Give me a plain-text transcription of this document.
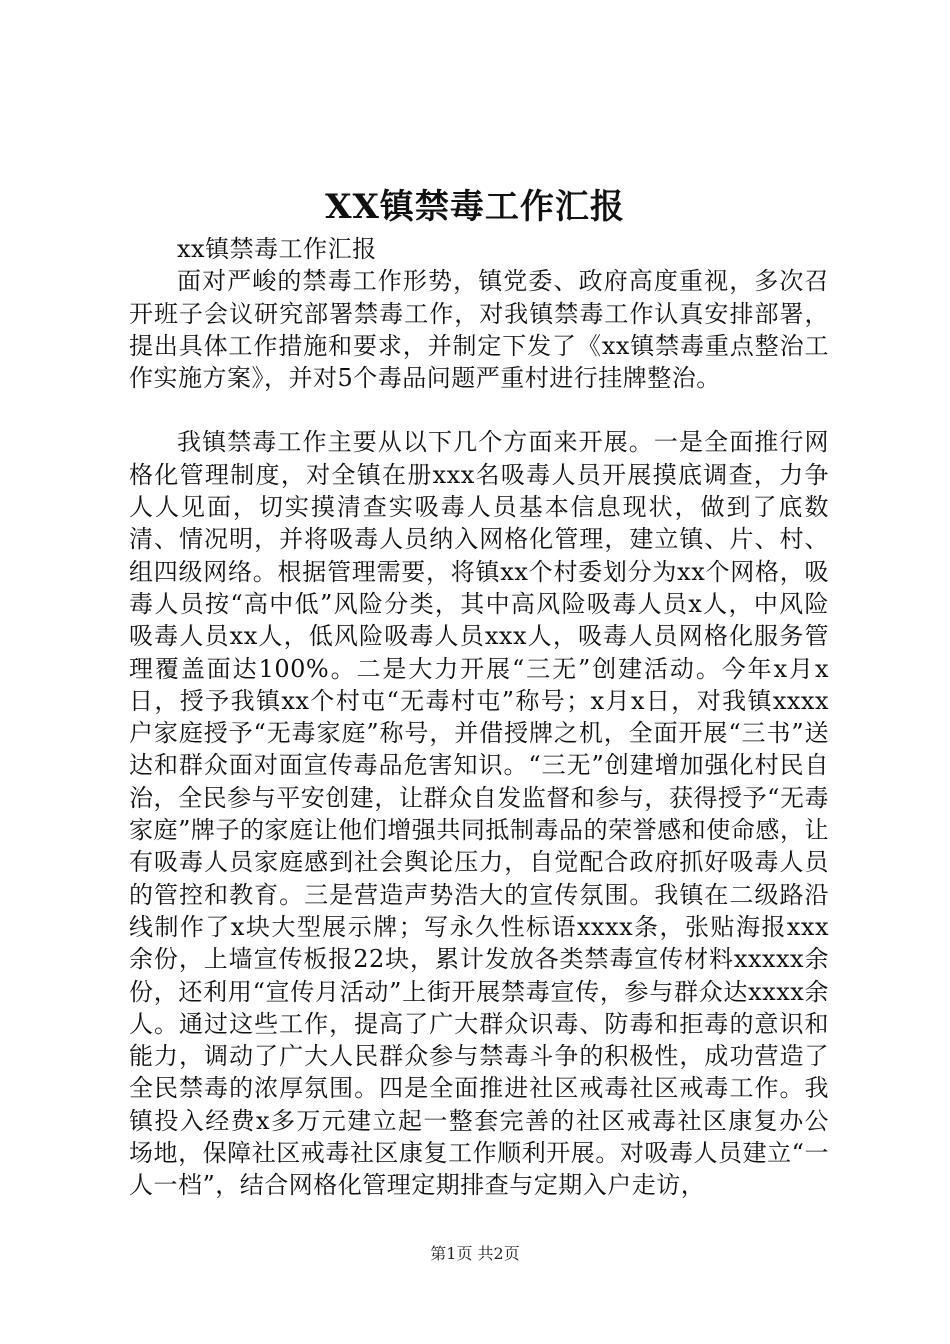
XX镇禁毒工作汇报

xx镇禁毒工作汇报

面对严峻的禁毒工作形势，镇党委、政府高度重视，多次召开班子会议研究部署禁毒工作，对我镇禁毒工作认真安排部署，提出具体工作措施和要求，并制定下发了《xx镇禁毒重点整治工作实施方案》，并对5个毒品问题严重村进行挂牌整治。

我镇禁毒工作主要从以下几个方面来开展。一是全面推行网格化管理制度，对全镇在册xxx名吸毒人员开展摸底调查，力争人人见面，切实摸清查实吸毒人员基本信息现状，做到了底数清、情况明，并将吸毒人员纳入网格化管理，建立镇、片、村、组四级网络。根据管理需要，将镇xx个村委划分为xx个网格，吸毒人员按“高中低”风险分类，其中高风险吸毒人员x人，中风险吸毒人员xx人，低风险吸毒人员xxx人，吸毒人员网格化服务管理覆盖面达100%。二是大力开展“三无”创建活动。今年x月x日，授予我镇xx个村屯“无毒村屯”称号；x月x日，对我镇xxxx户家庭授予“无毒家庭”称号，并借授牌之机，全面开展“三书”送达和群众面对面宣传毒品危害知识。“三无”创建增加强化村民自治，全民参与平安创建，让群众自发监督和参与，获得授予“无毒家庭”牌子的家庭让他们增强共同抵制毒品的荣誉感和使命感，让有吸毒人员家庭感到社会舆论压力，自觉配合政府抓好吸毒人员的管控和教育。三是营造声势浩大的宣传氛围。我镇在二级路沿线制作了x块大型展示牌；写永久性标语xxxx条，张贴海报xxx余份，上墙宣传板报22块，累计发放各类禁毒宣传材料xxxxx余份，还利用“宣传月活动”上街开展禁毒宣传，参与群众达xxxx余人。通过这些工作，提高了广大群众识毒、防毒和拒毒的意识和能力，调动了广大人民群众参与禁毒斗争的积极性，成功营造了全民禁毒的浓厚氛围。四是全面推进社区戒毒社区戒毒工作。我镇投入经费x多万元建立起一整套完善的社区戒毒社区康复办公场地，保障社区戒毒社区康复工作顺利开展。对吸毒人员建立“一人一档”，结合网格化管理定期排查与定期入户走访，

第1页 共2页
